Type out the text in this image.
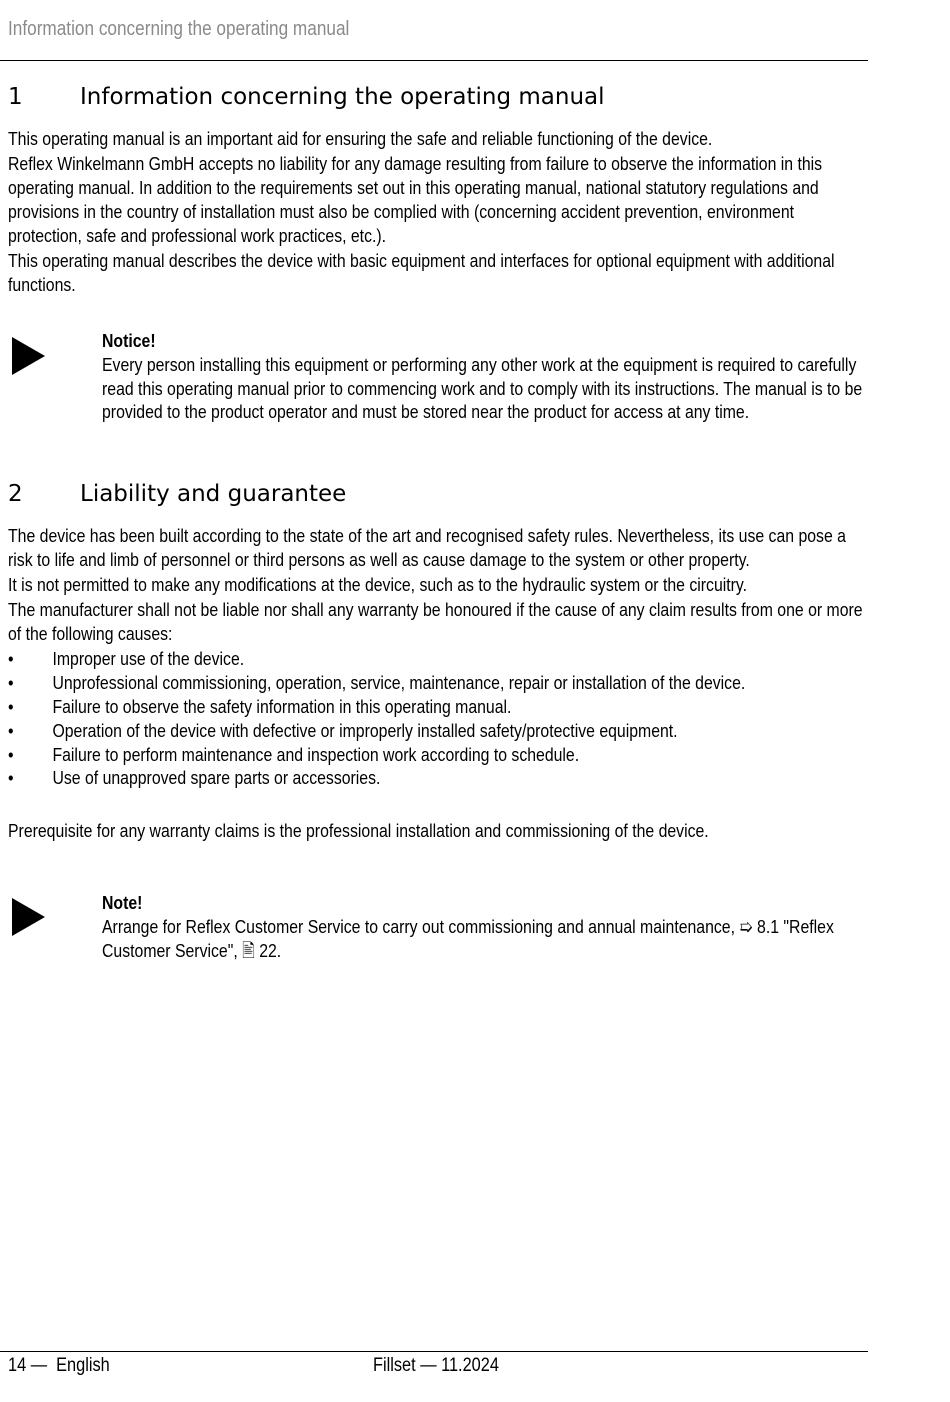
Information concerning the operating manual
1 Information concerning the operating manual

This operating manual is an important aid for ensuring the safe and reliable functioning of the device.

Reflex Winkelmann GmbH accepts no liability for any damage resulting from failure to observe the information in this operating manual. In addition to the requirements set out in this operating manual, national statutory regulations and provisions in the country of installation must also be complied with (concerning accident prevention, environment protection, safe and professional work practices, etc.).

This operating manual describes the device with basic equipment and interfaces for optional equipment with additional functions.

Notice!
Every person installing this equipment or performing any other work at the equipment is required to carefully read this operating manual prior to commencing work and to comply with its instructions. The manual is to be provided to the product operator and must be stored near the product for access at any time.
2 Liability and guarantee

The device has been built according to the state of the art and recognised safety rules. Nevertheless, its use can pose a risk to life and limb of personnel or third persons as well as cause damage to the system or other property.

It is not permitted to make any modifications at the device, such as to the hydraulic system or the circuitry.

The manufacturer shall not be liable nor shall any warranty be honoured if the cause of any claim results from one or more of the following causes:

• Improper use of the device.
• Unprofessional commissioning, operation, service, maintenance, repair or installation of the device.
• Failure to observe the safety information in this operating manual.
• Operation of the device with defective or improperly installed safety/protective equipment.
• Failure to perform maintenance and inspection work according to schedule.
• Use of unapproved spare parts or accessories.
Prerequisite for any warranty claims is the professional installation and commissioning of the device.
Note!
Arrange for Reflex Customer Service to carry out commissioning and annual maintenance, ➯ 8.1 "Reflex Customer Service", 🖹 22.
14 — English	Fillset — 11.2024
